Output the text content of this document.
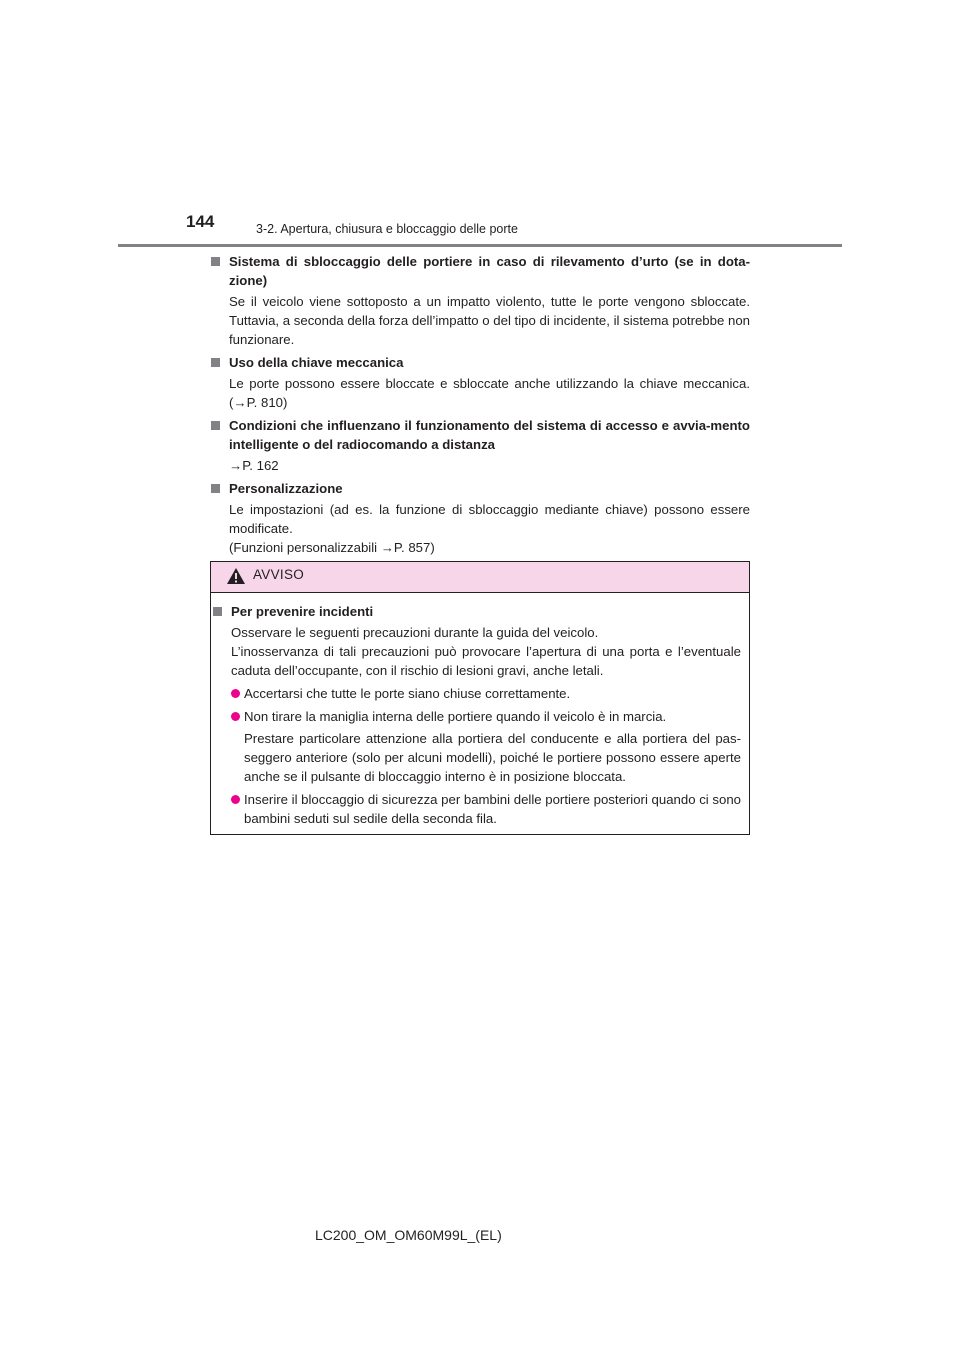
144	3-2. Apertura, chiusura e bloccaggio delle porte
Sistema di sbloccaggio delle portiere in caso di rilevamento d’urto (se in dota-zione)
Se il veicolo viene sottoposto a un impatto violento, tutte le porte vengono sbloccate. Tuttavia, a seconda della forza dell’impatto o del tipo di incidente, il sistema potrebbe non funzionare.
Uso della chiave meccanica
Le porte possono essere bloccate e sbloccate anche utilizzando la chiave meccanica. (→P. 810)
Condizioni che influenzano il funzionamento del sistema di accesso e avvia-mento intelligente o del radiocomando a distanza
→P. 162
Personalizzazione
Le impostazioni (ad es. la funzione di sbloccaggio mediante chiave) possono essere modificate.
(Funzioni personalizzabili →P. 857)
AVVISO
Per prevenire incidenti
Osservare le seguenti precauzioni durante la guida del veicolo.
L’inosservanza di tali precauzioni può provocare l’apertura di una porta e l’eventuale caduta dell’occupante, con il rischio di lesioni gravi, anche letali.
Accertarsi che tutte le porte siano chiuse correttamente.
Non tirare la maniglia interna delle portiere quando il veicolo è in marcia.
Prestare particolare attenzione alla portiera del conducente e alla portiera del pas-seggero anteriore (solo per alcuni modelli), poiché le portiere possono essere aperte anche se il pulsante di bloccaggio interno è in posizione bloccata.
Inserire il bloccaggio di sicurezza per bambini delle portiere posteriori quando ci sono bambini seduti sul sedile della seconda fila.
LC200_OM_OM60M99L_(EL)
